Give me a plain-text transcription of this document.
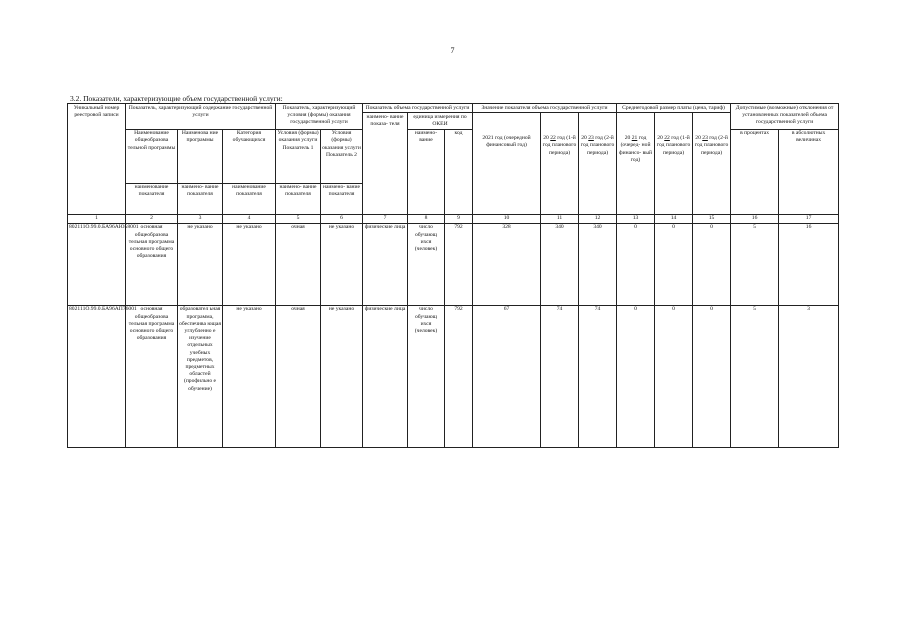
7
3.2. Показатели, характеризующие объем государственной услуги:
Уникальный номер реестровой записи	Показатель, характеризующий содержание государственной услуги			Показатель, характеризующий условия (формы) оказания государственной услуги		Показатель объема государственной услуги			Значение показателя объема государственной услуги			Среднегодовой размер платы (цена, тариф)			Допустимые (возможные) отклонения от установленных показателей объема государственной услуги	
						наимено- вание показа- теля	единица измерения по ОКЕИ		2021 год (очередной финансовый год)	20 22 год (1-й год планового периода)	20 23 год (2-й год планового периода)	20 21 год (очеред- ной финансо- вый год)	20 22 год (1-й год планового периода)	20 23 год (2-й год планового периода)		
	Наименование общеобразова тельной программы	Наименова ние программы	Категория обучающихся	Условия (формы) оказания услуги Показатель 1	Условия (формы) оказания услуги Показатель 2		наимено- вание	код							в процентах	в абсолютных величинах
	наименование показателя	наимено- вание показателя	наименование показателя	наимено- вание показателя	наимено- вание показателя											
1	2	3	4	5	6	7	8	9	10	11	12	13	14	15	16	17
802111О.99.0.БА96АЮ58001	основная общеобразова тельная программа основного общего образования	не указано	не указано	очная	не указано	физические лица	число обучающ ихся (человек)	792	328	340	340	0	0	0	5	16
802111О.99.0.БА96АП76001	основная общеобразова тельная программа основного общего образования	образовател ьная программа, обеспечива ющая углубленно е изучение отдельных учебных предметов, предметных областей (профильно е обучение)	не указано	очная	не указано	физические лица	число обучающ ихся (человек)	792	67	74	74	0	0	0	5	3
